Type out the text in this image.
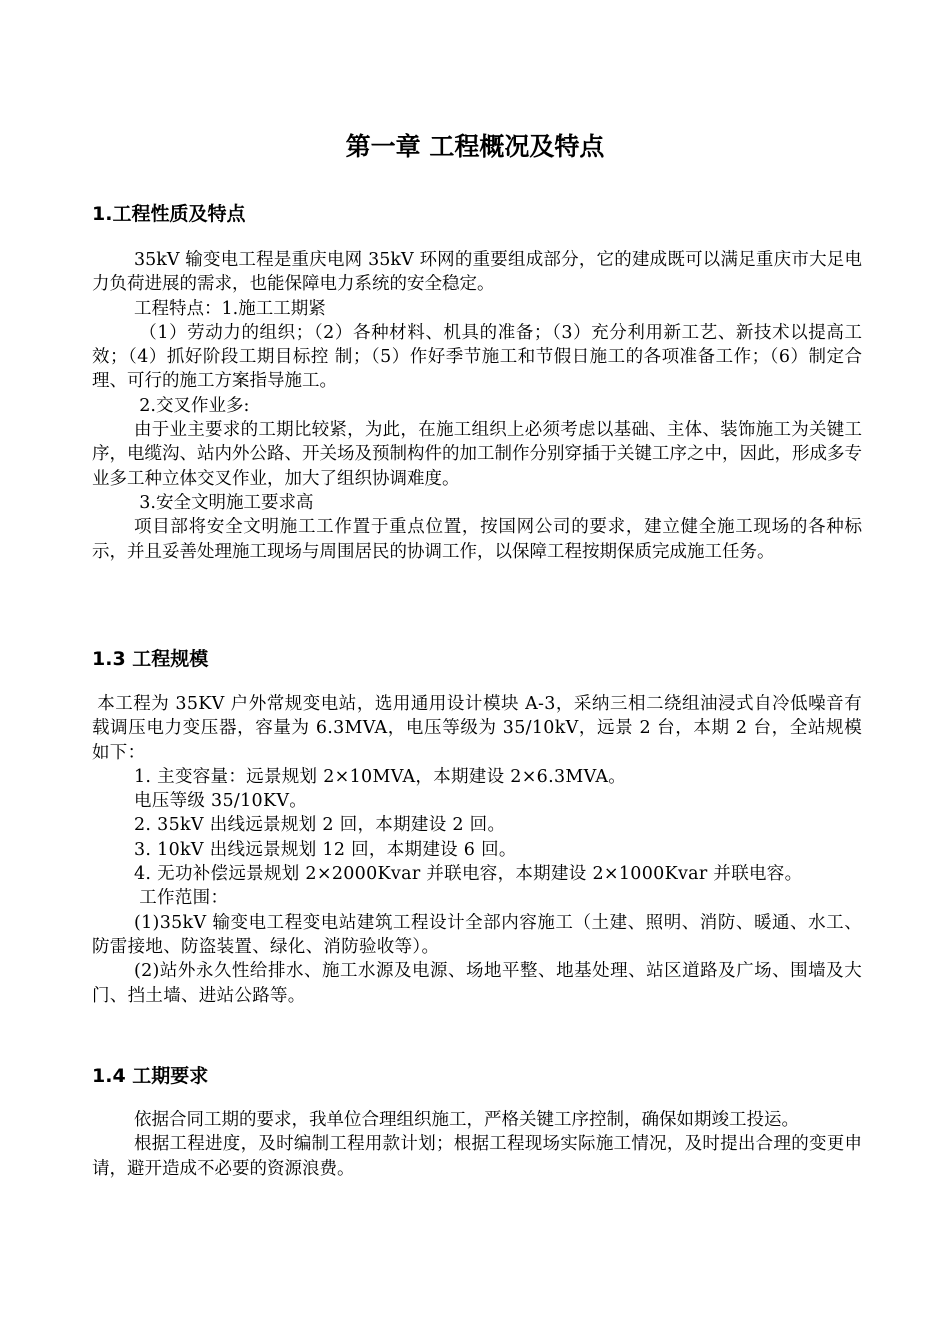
第一章 工程概况及特点
1.工程性质及特点

35kV 输变电工程是重庆电网 35kV 环网的重要组成部分，它的建成既可以满足重庆市大足电力负荷进展的需求，也能保障电力系统的安全稳定。

工程特点：1.施工工期紧

（1）劳动力的组织；（2）各种材料、机具的准备；（3）充分利用新工艺、新技术以提高工效；（4）抓好阶段工期目标控 制；（5）作好季节施工和节假日施工的各项准备工作；（6）制定合理、可行的施工方案指导施工。

2.交叉作业多:

由于业主要求的工期比较紧，为此，在施工组织上必须考虑以基础、主体、装饰施工为关键工序，电缆沟、站内外公路、开关场及预制构件的加工制作分别穿插于关键工序之中，因此，形成多专业多工种立体交叉作业，加大了组织协调难度。

3.安全文明施工要求高

项目部将安全文明施工工作置于重点位置，按国网公司的要求，建立健全施工现场的各种标示，并且妥善处理施工现场与周围居民的协调工作，以保障工程按期保质完成施工任务。

1.3 工程规模

本工程为 35KV 户外常规变电站，选用通用设计模块 A-3，采纳三相二绕组油浸式自冷低噪音有载调压电力变压器，容量为 6.3MVA，电压等级为 35/10kV，远景 2 台，本期 2 台，全站规模如下：

1. 主变容量：远景规划 2×10MVA，本期建设 2×6.3MVA。

电压等级 35/10KV。

2. 35kV 出线远景规划 2 回，本期建设 2 回。

3. 10kV 出线远景规划 12 回，本期建设 6 回。

4. 无功补偿远景规划 2×2000Kvar 并联电容，本期建设 2×1000Kvar 并联电容。

工作范围：

(1)35kV 输变电工程变电站建筑工程设计全部内容施工（土建、照明、消防、暖通、水工、防雷接地、防盗装置、绿化、消防验收等）。

(2)站外永久性给排水、施工水源及电源、场地平整、地基处理、站区道路及广场、围墙及大门、挡土墙、进站公路等。

1.4 工期要求

依据合同工期的要求，我单位合理组织施工，严格关键工序控制，确保如期竣工投运。

根据工程进度，及时编制工程用款计划；根据工程现场实际施工情况，及时提出合理的变更申请，避开造成不必要的资源浪费。
